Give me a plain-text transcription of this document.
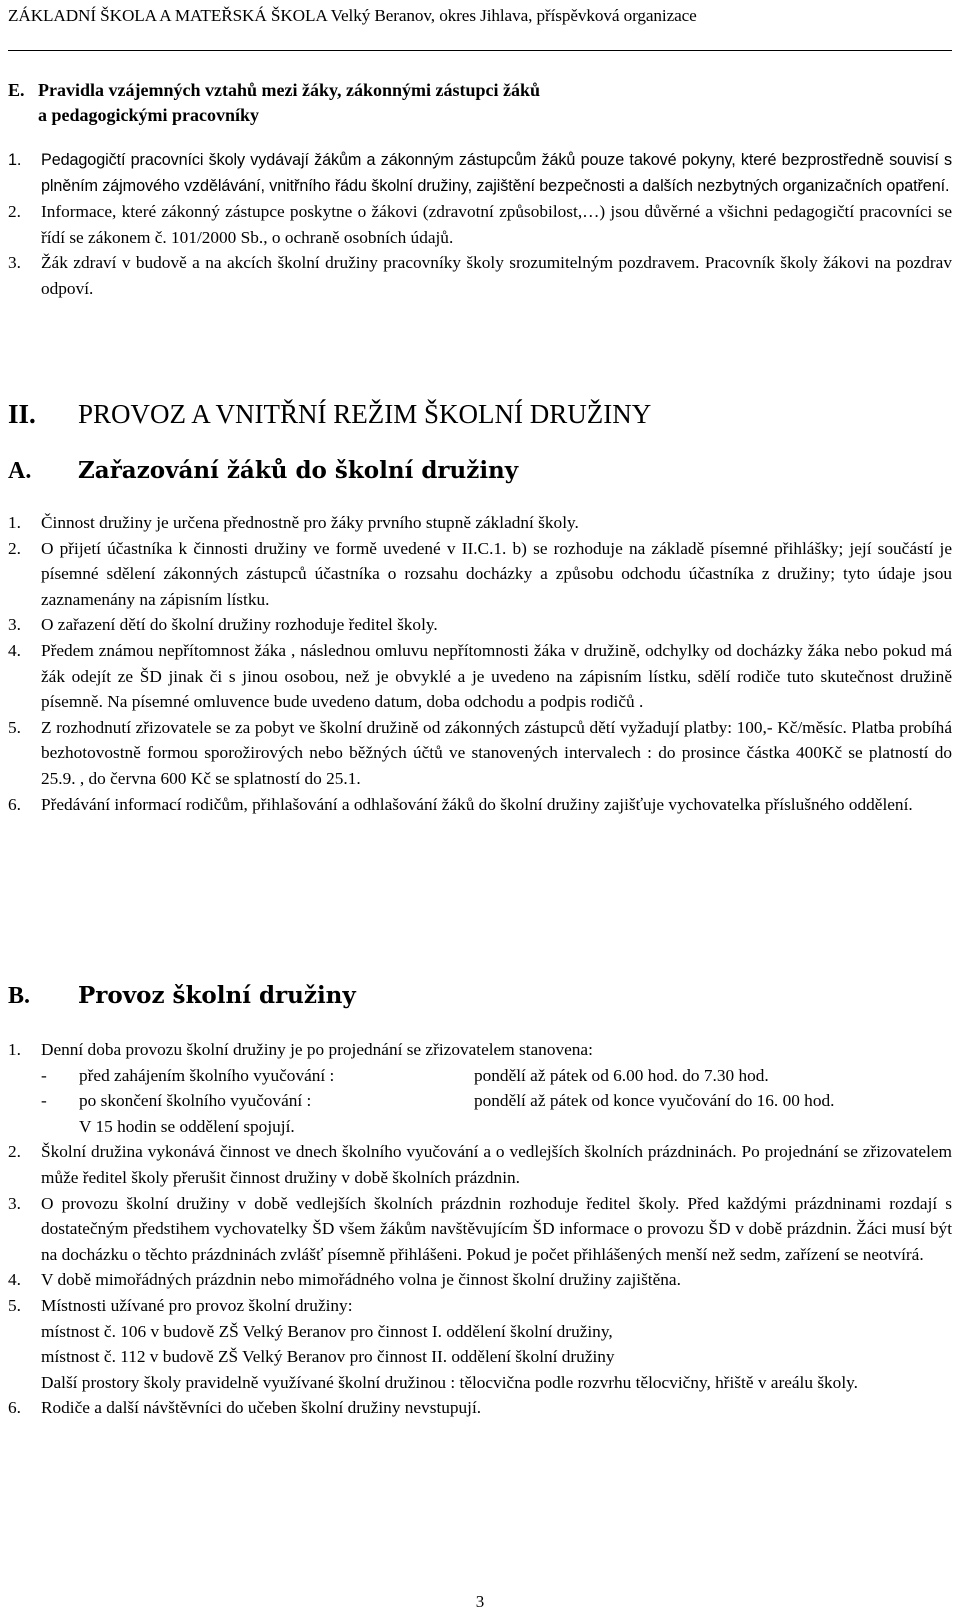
ZÁKLADNÍ ŠKOLA A MATEŘSKÁ ŠKOLA Velký Beranov, okres Jihlava, příspěvková organizace
E. Pravidla vzájemných vztahů mezi žáky, zákonnými zástupci žáků
a pedagogickými pracovníky
1. Pedagogičtí pracovníci školy vydávají žákům a zákonným zástupcům žáků pouze takové pokyny, které bezprostředně souvisí s plněním zájmového vzdělávání, vnitřního řádu školní družiny, zajištění bezpečnosti a dalších nezbytných organizačních opatření.
2. Informace, které zákonný zástupce poskytne o žákovi (zdravotní způsobilost,…) jsou důvěrné a všichni pedagogičtí pracovníci se řídí se zákonem č. 101/2000 Sb., o ochraně osobních údajů.
3. Žák zdraví v budově a na akcích školní družiny pracovníky školy srozumitelným pozdravem. Pracovník školy žákovi na pozdrav odpoví.
II. PROVOZ A VNITŘNÍ REŽIM ŠKOLNÍ DRUŽINY
A. Zařazování žáků do školní družiny
1. Činnost družiny je určena přednostně pro žáky prvního stupně základní školy.
2. O přijetí účastníka k činnosti družiny ve formě uvedené v II.C.1. b) se rozhoduje na základě písemné přihlášky; její součástí je písemné sdělení zákonných zástupců účastníka o rozsahu docházky a způsobu odchodu účastníka z družiny; tyto údaje jsou zaznamenány na zápisním lístku.
3. O zařazení dětí do školní družiny rozhoduje ředitel školy.
4. Předem známou nepřítomnost žáka , následnou omluvu nepřítomnosti žáka v družině, odchylky od docházky žáka nebo pokud má žák odejít ze ŠD jinak či s jinou osobou, než je obvyklé a je uvedeno na zápisním lístku, sdělí rodiče tuto skutečnost družině písemně. Na písemné omluvence bude uvedeno datum, doba odchodu a podpis rodičů .
5. Z rozhodnutí zřizovatele se za pobyt ve školní družině od zákonných zástupců dětí vyžadují platby: 100,- Kč/měsíc. Platba probíhá bezhotovostně formou sporožirových nebo běžných účtů ve stanovených intervalech : do prosince částka 400Kč se platností do 25.9. , do června 600 Kč se splatností do 25.1.
6. Předávání informací rodičům, přihlašování a odhlašování žáků do školní družiny zajišťuje vychovatelka příslušného oddělení.
B. Provoz školní družiny
1. Denní doba provozu školní družiny je po projednání se zřizovatelem stanovena:
-	před zahájením školního vyučování :	pondělí až pátek od 6.00 hod. do 7.30 hod.
-	po skončení školního vyučování :	pondělí až pátek od konce vyučování do 16. 00 hod.
V 15 hodin se oddělení spojují.
2. Školní družina vykonává činnost ve dnech školního vyučování a o vedlejších školních prázdninách. Po projednání se zřizovatelem může ředitel školy přerušit činnost družiny v době školních prázdnin.
3. O provozu školní družiny v době vedlejších školních prázdnin rozhoduje ředitel školy. Před každými prázdninami rozdají s dostatečným předstihem vychovatelky ŠD všem žákům navštěvujícím ŠD informace o provozu ŠD v době prázdnin. Žáci musí být na docházku o těchto prázdninách zvlášť písemně přihlášeni. Pokud je počet přihlášených menší než sedm, zařízení se neotvírá.
4. V době mimořádných prázdnin nebo mimořádného volna je činnost školní družiny zajištěna.
5. Místnosti užívané pro provoz školní družiny:
místnost č. 106 v budově ZŠ Velký Beranov pro činnost I. oddělení školní družiny,
místnost č. 112 v budově ZŠ Velký Beranov pro činnost II. oddělení školní družiny
Další prostory školy pravidelně využívané školní družinou : tělocvična podle rozvrhu tělocvičny, hřiště v areálu školy.
6. Rodiče a další návštěvníci do učeben školní družiny nevstupují.
3
